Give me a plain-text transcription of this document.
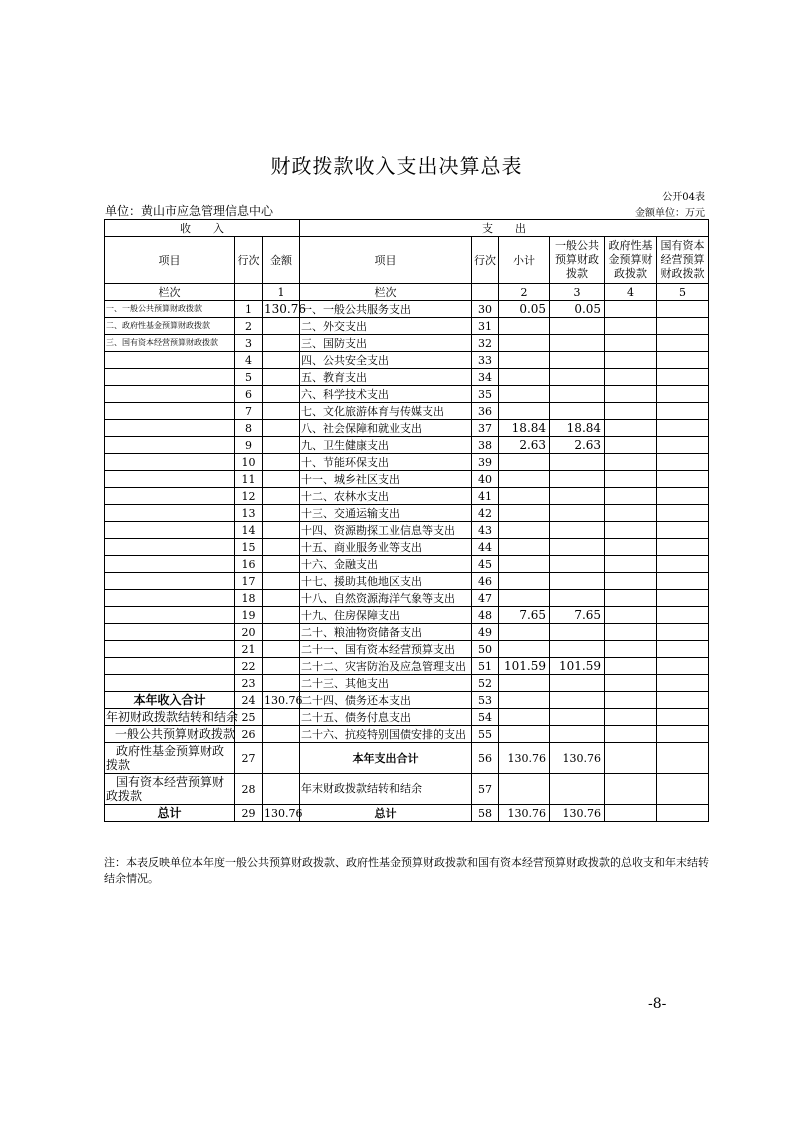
财政拨款收入支出决算总表
公开04表
单位：黄山市应急管理信息中心	金额单位：万元
收　　入			支　　出					
项目	行次	金额	项目	行次	小计	一般公共预算财政拨款	政府性基金预算财政拨款	国有资本经营预算财政拨款
栏次		1	栏次		2	3	4	5
一、一般公共预算财政拨款	1	130.76	一、一般公共服务支出	30	0.05	0.05		
二、政府性基金预算财政拨款	2		二、外交支出	31				
三、国有资本经营预算财政拨款	3		三、国防支出	32				
	4		四、公共安全支出	33				
	5		五、教育支出	34				
	6		六、科学技术支出	35				
	7		七、文化旅游体育与传媒支出	36				
	8		八、社会保障和就业支出	37	18.84	18.84		
	9		九、卫生健康支出	38	2.63	2.63		
	10		十、节能环保支出	39				
	11		十一、城乡社区支出	40				
	12		十二、农林水支出	41				
	13		十三、交通运输支出	42				
	14		十四、资源勘探工业信息等支出	43				
	15		十五、商业服务业等支出	44				
	16		十六、金融支出	45				
	17		十七、援助其他地区支出	46				
	18		十八、自然资源海洋气象等支出	47				
	19		十九、住房保障支出	48	7.65	7.65		
	20		二十、粮油物资储备支出	49				
	21		二十一、国有资本经营预算支出	50				
	22		二十二、灾害防治及应急管理支出	51	101.59	101.59		
	23		二十三、其他支出	52				
本年收入合计	24	130.76	二十四、债务还本支出	53				
年初财政拨款结转和结余	25		二十五、债务付息支出	54				
一般公共预算财政拨款	26		二十六、抗疫特别国债安排的支出	55				
政府性基金预算财政拨款	27		本年支出合计	56	130.76	130.76		
国有资本经营预算财政拨款	28		年末财政拨款结转和结余	57				
总计	29	130.76	总计	58	130.76	130.76		
注：本表反映单位本年度一般公共预算财政拨款、政府性基金预算财政拨款和国有资本经营预算财政拨款的总收支和年末结转结余情况。
-8-
